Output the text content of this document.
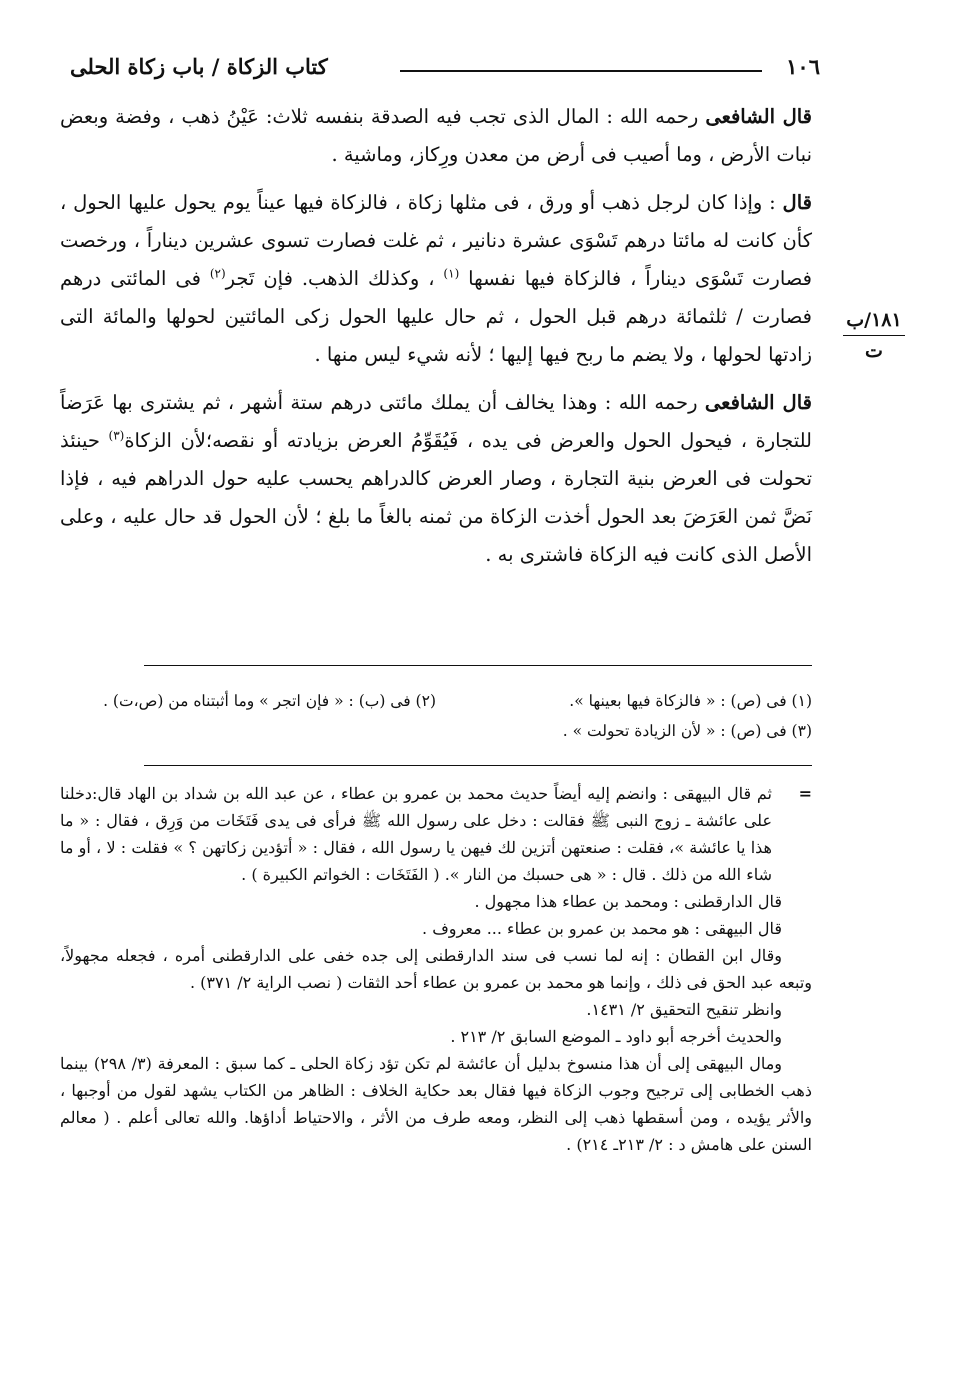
١٠٦
كتاب الزكاة / باب زكاة الحلى
١٨١/ب
ت

قال الشافعى رحمه الله : المال الذى تجب فيه الصدقة بنفسه ثلاث: عَيْنُ ذهب ، وفضة وبعض نبات الأرض ، وما أصيب فى أرض من معدن ورِكاز، وماشية .

قال : وإذا كان لرجل ذهب أو ورق ، فى مثلها زكاة ، فالزكاة فيها عيناً يوم يحول عليها الحول ، كأن كانت له مائتا درهم تَسْوَى عشرة دنانير ، ثم غلت فصارت تسوى عشرين ديناراً ، ورخصت فصارت تَسْوَى ديناراً ، فالزكاة فيها نفسها $^{(١)}$ ، وكذلك الذهب. فإن تَجر$^{(٢)}$ فى المائتى درهم فصارت / ثلثمائة درهم قبل الحول ، ثم حال عليها الحول زكى المائتين لحولها والمائة التى زادتها لحولها ، ولا يضم ما ربح فيها إليها ؛ لأنه شيء ليس منها .

قال الشافعى رحمه الله : وهذا يخالف أن يملك مائتى درهم ستة أشهر ، ثم يشترى بها عَرَضاً للتجارة ، فيحول الحول والعرض فى يده ، فَيُقَوِّمُ العرض بزيادته أو نقصه؛لأن الزكاة$^{(٣)}$ حينئذ تحولت فى العرض بنية التجارة ، وصار العرض كالدراهم يحسب عليه حول الدراهم فيه ، فإذا نَضَّ ثمن العَرَضَ بعد الحول أخذت الزكاة من ثمنه بالغاً ما بلغ ؛ لأن الحول قد حال عليه ، وعلى الأصل الذى كانت فيه الزكاة فاشترى به .

(١) فى (ص) : « فالزكاة فيها بعينها ».
(٢) فى (ب) : « فإن اتجر » وما أثبتناه من (ص،ت) .
(٣) فى (ص) : « لأن الزيادة تحولت » .
=

ثم قال البيهقى : وانضم إليه أيضاً حديث محمد بن عمرو بن عطاء ، عن عبد الله بن شداد بن الهاد قال:دخلنا على عائشة ـ زوج النبى ﷺ فقالت : دخل على رسول الله ﷺ فرأى فى يدى فَتَخَات من وَرِق ، فقال : « ما هذا يا عائشة »، فقلت : صنعتهن أتزين لك فيهن يا رسول الله ، فقال : « أتؤدين زكاتهن ؟ » فقلت : لا ، أو ما شاء الله من ذلك . قال : « هى حسبك من النار ». ( الفَتَخَات : الخواتم الكبيرة ) .

قال الدارقطنى : ومحمد بن عطاء هذا مجهول .

قال البيهقى : هو محمد بن عمرو بن عطاء ... معروف .

وقال ابن القطان : إنه لما نسب فى سند الدارقطنى إلى جده خفى على الدارقطنى أمره ، فجعله مجهولاً، وتبعه عبد الحق فى ذلك ، وإنما هو محمد بن عمرو بن عطاء أحد الثقات ( نصب الراية ٢/ ٣٧١) .

وانظر تنقيح التحقيق ٢/ ١٤٣١.

والحديث أخرجه أبو داود ـ الموضع السابق ٢/ ٢١٣ .

ومال البيهقى إلى أن هذا منسوخ بدليل أن عائشة لم تكن تؤد زكاة الحلى ـ كما سبق : المعرفة (٣/ ٢٩٨) بينما ذهب الخطابى إلى ترجيح وجوب الزكاة فيها فقال بعد حكاية الخلاف : الظاهر من الكتاب يشهد لقول من أوجبها ، والأثر يؤيده ، ومن أسقطها ذهب إلى النظر، ومعه طرف من الأثر ، والاحتياط أداؤها. والله تعالى أعلم . ( معالم السنن على هامش د : ٢/ ٢١٣ـ ٢١٤) .
